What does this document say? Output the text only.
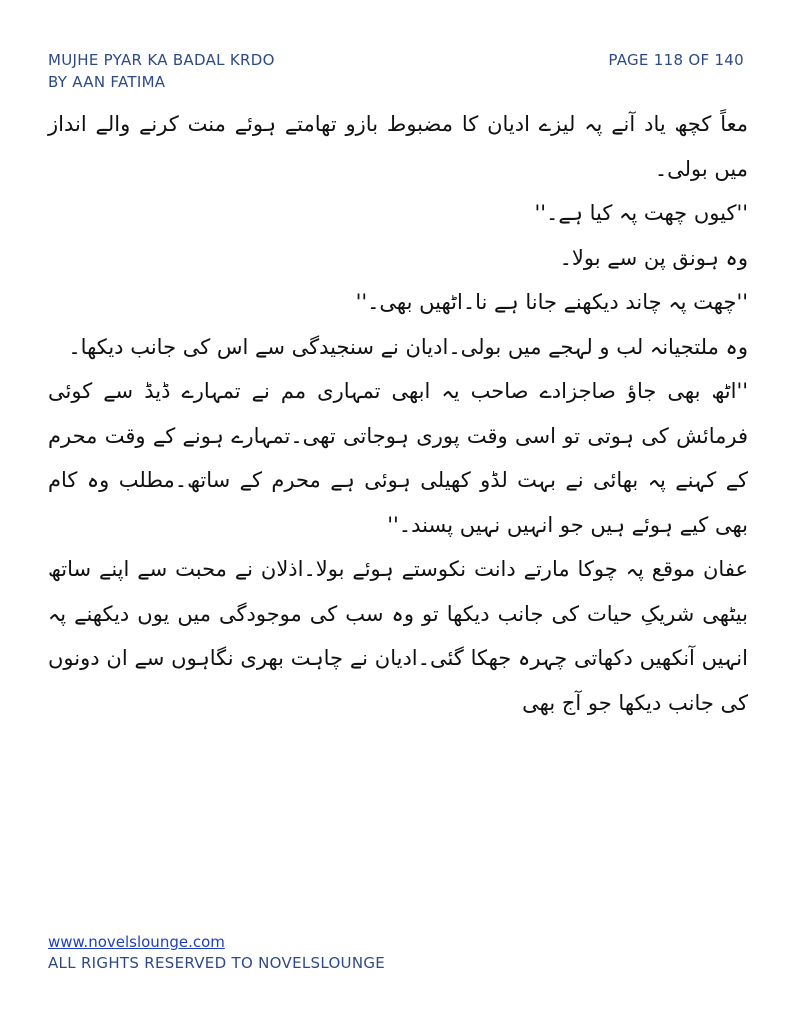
MUJHE PYAR KA BADAL KRDO
BY AAN FATIMA
PAGE 118 OF 140

معاً کچھ یاد آنے پہ لیزے ادیان کا مضبوط بازو تھامتے ہوئے منت کرنے والے انداز میں بولی۔

''کیوں چھت پہ کیا ہے۔''

وہ ہونق پن سے بولا۔

''چھت پہ چاند دیکھنے جانا ہے نا۔اٹھیں بھی۔''

وہ ملتجیانہ لب و لہجے میں بولی۔ادیان نے سنجیدگی سے اس کی جانب دیکھا۔

''اٹھ بھی جاؤ صاجزادے صاحب یہ ابھی تمہاری مم نے تمہارے ڈیڈ سے کوئی فرمائش کی ہوتی تو اسی وقت پوری ہوجاتی تھی۔تمہارے ہونے کے وقت محرم کے کہنے پہ بھائی نے بہت لڈو کھیلی ہوئی ہے محرم کے ساتھ۔مطلب وہ کام بھی کیے ہوئے ہیں جو انہیں نہیں پسند۔''

عفان موقع پہ چوکا مارتے دانت نکوستے ہوئے بولا۔اذلان نے محبت سے اپنے ساتھ بیٹھی شریکِ حیات کی جانب دیکھا تو وہ سب کی موجودگی میں یوں دیکھنے پہ انہیں آنکھیں دکھاتی چہرہ جھکا گئی۔ادیان نے چاہت بھری نگاہوں سے ان دونوں کی جانب دیکھا جو آج بھی

www.novelslounge.com
ALL RIGHTS RESERVED TO NOVELSLOUNGE
